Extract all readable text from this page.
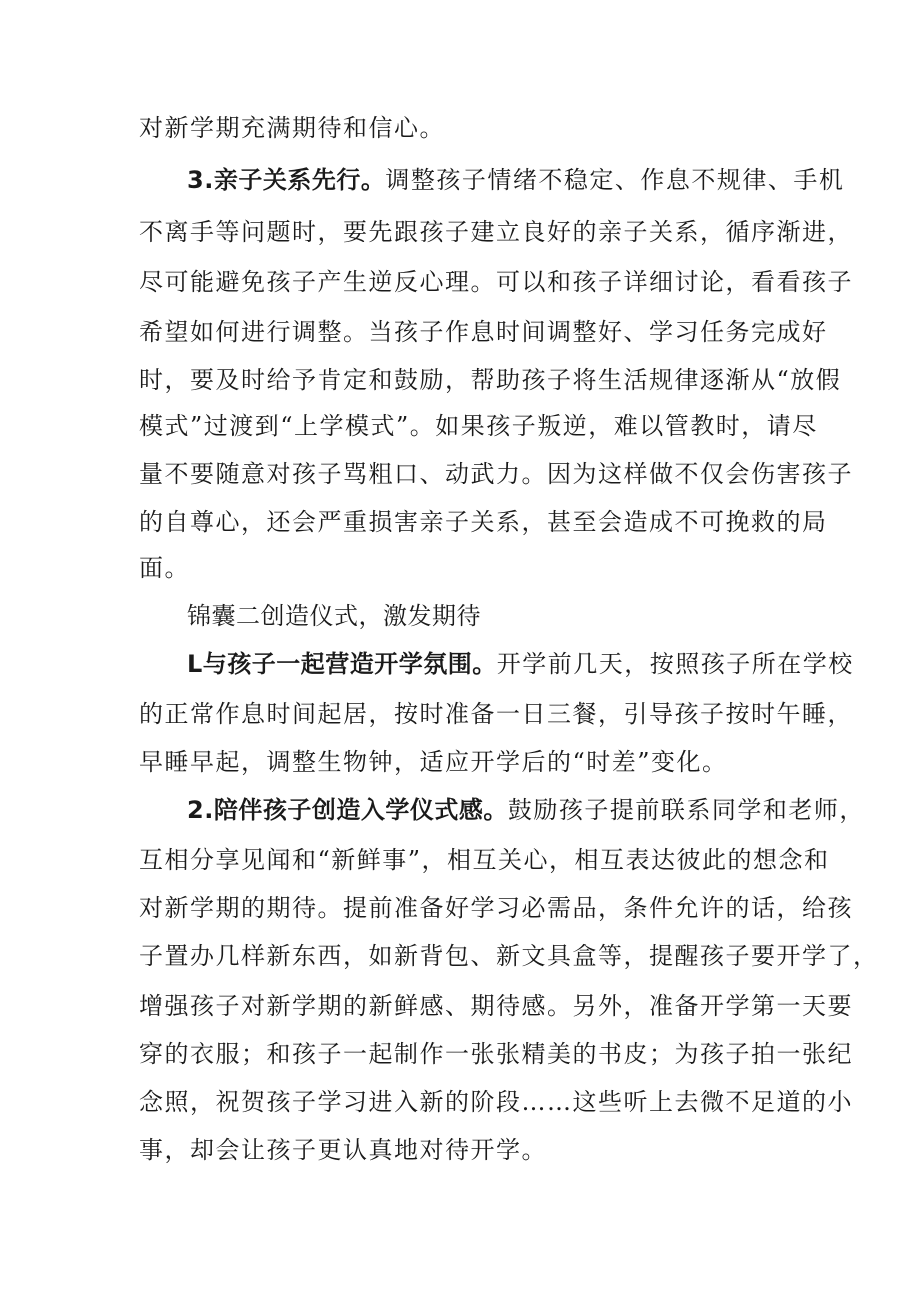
对新学期充满期待和信心。
3.亲子关系先行。调整孩子情绪不稳定、作息不规律、手机
不离手等问题时，要先跟孩子建立良好的亲子关系，循序渐进，
尽可能避免孩子产生逆反心理。可以和孩子详细讨论，看看孩子
希望如何进行调整。当孩子作息时间调整好、学习任务完成好
时，要及时给予肯定和鼓励，帮助孩子将生活规律逐渐从“放假
模式”过渡到“上学模式”。如果孩子叛逆，难以管教时，请尽
量不要随意对孩子骂粗口、动武力。因为这样做不仅会伤害孩子
的自尊心，还会严重损害亲子关系，甚至会造成不可挽救的局
面。
锦囊二创造仪式，激发期待
L与孩子一起营造开学氛围。开学前几天，按照孩子所在学校
的正常作息时间起居，按时准备一日三餐，引导孩子按时午睡，
早睡早起，调整生物钟，适应开学后的“时差”变化。
2.陪伴孩子创造入学仪式感。鼓励孩子提前联系同学和老师，
互相分享见闻和“新鲜事”，相互关心，相互表达彼此的想念和
对新学期的期待。提前准备好学习必需品，条件允许的话，给孩
子置办几样新东西，如新背包、新文具盒等，提醒孩子要开学了，
增强孩子对新学期的新鲜感、期待感。另外，准备开学第一天要
穿的衣服；和孩子一起制作一张张精美的书皮；为孩子拍一张纪
念照，祝贺孩子学习进入新的阶段……这些听上去微不足道的小
事，却会让孩子更认真地对待开学。
